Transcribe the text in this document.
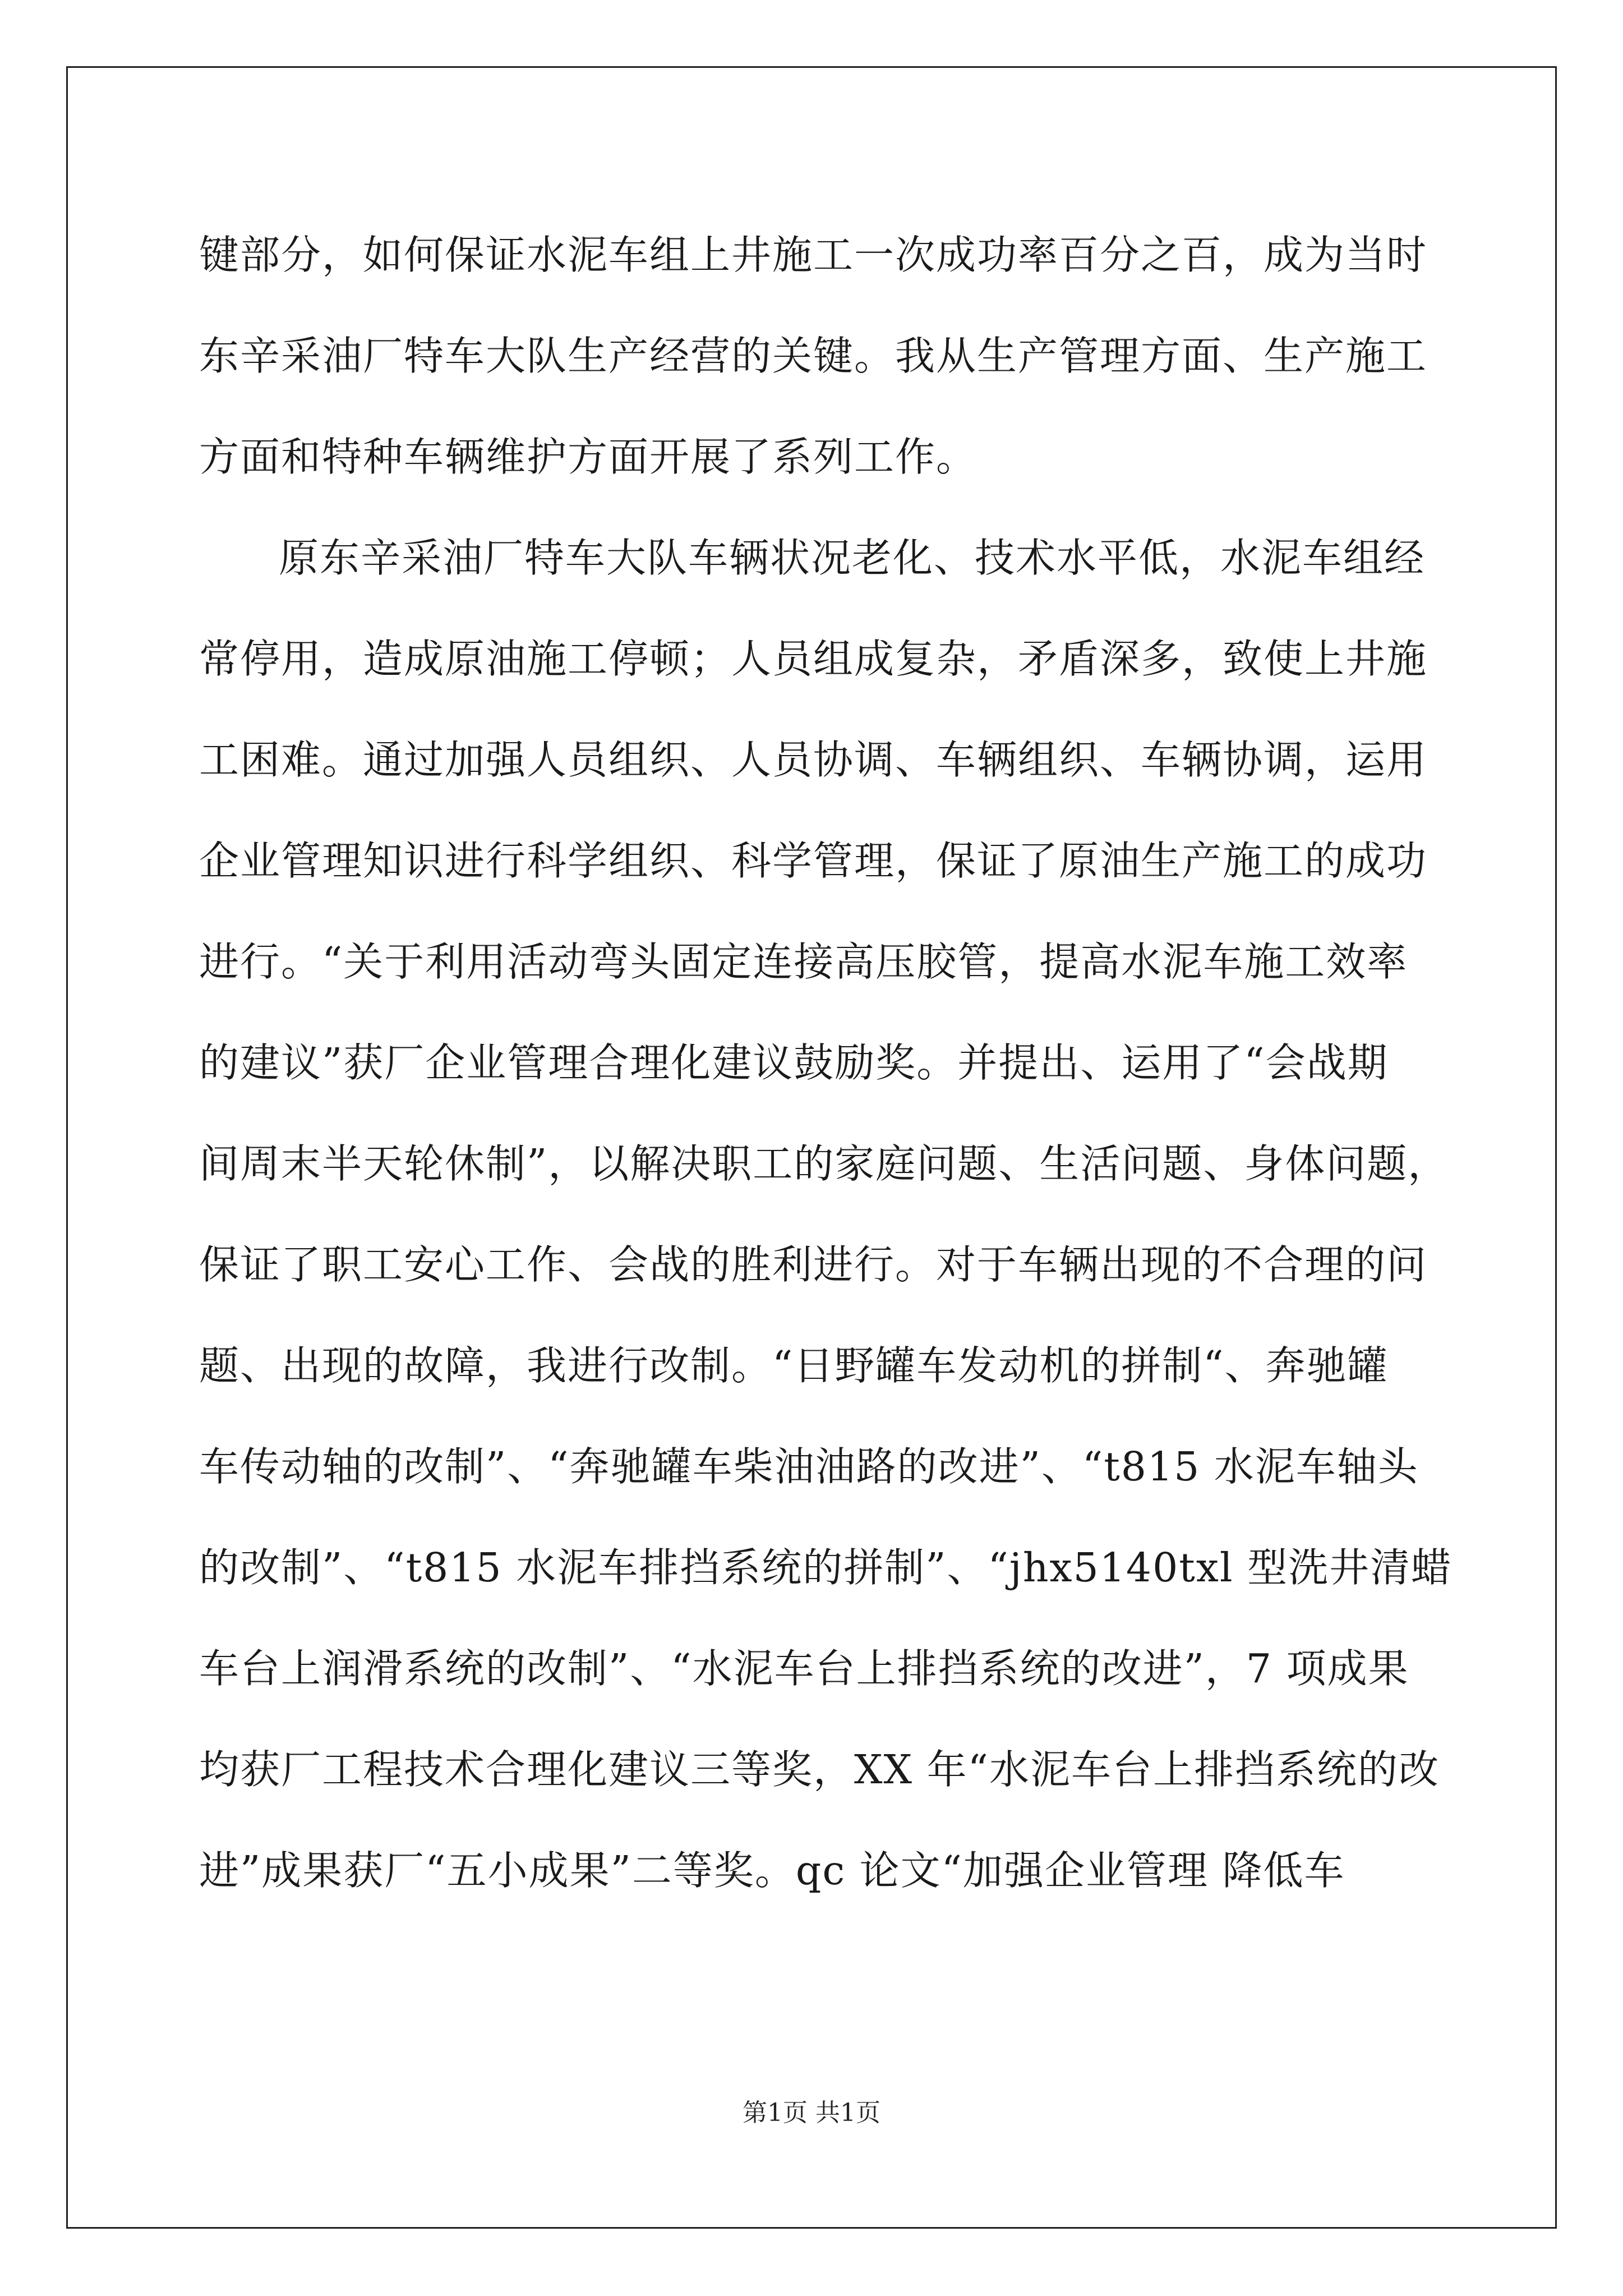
键部分，如何保证水泥车组上井施工一次成功率百分之百，成为当时
东辛采油厂特车大队生产经营的关键。我从生产管理方面、生产施工
方面和特种车辆维护方面开展了系列工作。
原东辛采油厂特车大队车辆状况老化、技术水平低，水泥车组经
常停用，造成原油施工停顿；人员组成复杂，矛盾深多，致使上井施
工困难。通过加强人员组织、人员协调、车辆组织、车辆协调，运用
企业管理知识进行科学组织、科学管理，保证了原油生产施工的成功
进行。“关于利用活动弯头固定连接高压胶管，提高水泥车施工效率
的建议”获厂企业管理合理化建议鼓励奖。并提出、运用了“会战期
间周末半天轮休制”，以解决职工的家庭问题、生活问题、身体问题，
保证了职工安心工作、会战的胜利进行。对于车辆出现的不合理的问
题、出现的故障，我进行改制。“日野罐车发动机的拼制“、奔驰罐
车传动轴的改制”、“奔驰罐车柴油油路的改进”、“t815 水泥车轴头
的改制”、“t815 水泥车排挡系统的拼制”、“jhx5140txl 型洗井清蜡
车台上润滑系统的改制”、“水泥车台上排挡系统的改进”，7 项成果
均获厂工程技术合理化建议三等奖，XX 年“水泥车台上排挡系统的改
进”成果获厂“五小成果”二等奖。qc 论文“加强企业管理 降低车
第1页 共1页
